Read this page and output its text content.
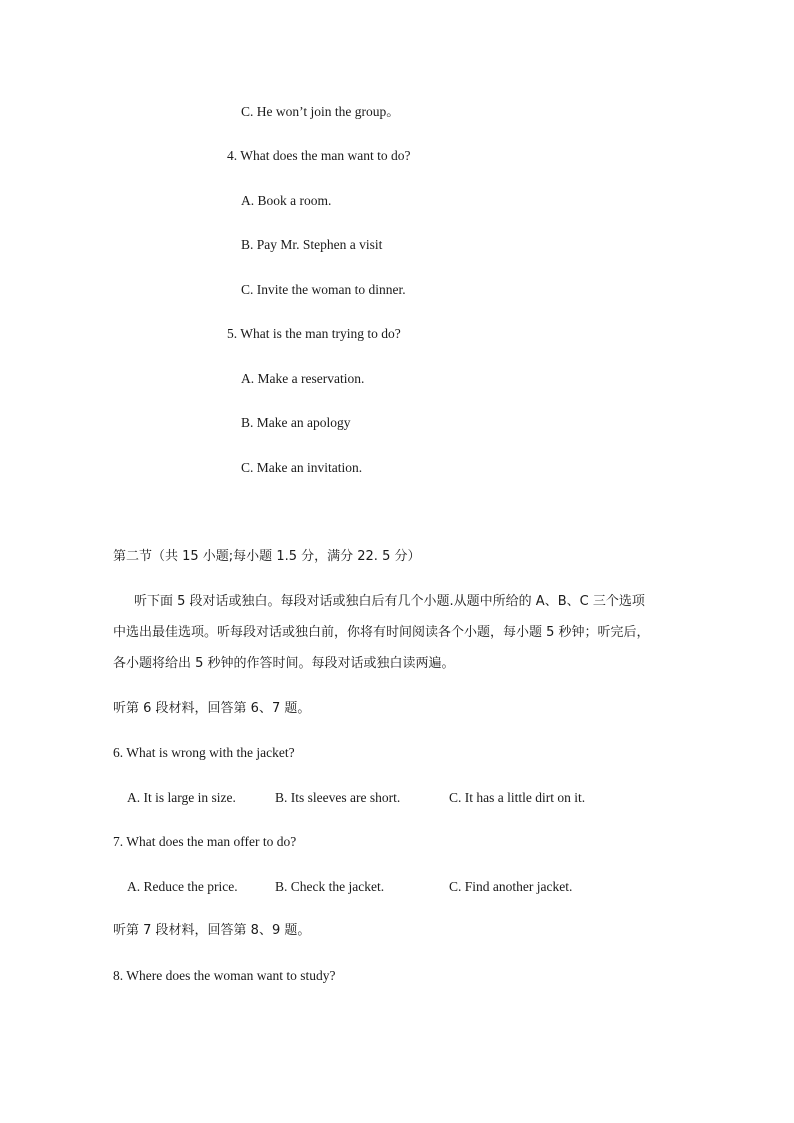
C. He won’t join the group。
4. What does the man want to do?
A. Book a room.
B. Pay Mr. Stephen a visit
C. Invite the woman to dinner.
5. What is the man trying to do?
A. Make a reservation.
B. Make an apology
C. Make an invitation.
第二节（共 15 小题;每小题 1.5 分，满分 22. 5 分）
听下面 5 段对话或独白。每段对话或独白后有几个小题.从题中所给的 A、B、C 三个选项
中选出最佳选项。听每段对话或独白前，你将有时间阅读各个小题，每小题 5 秒钟；听完后，
各小题将给出 5 秒钟的作答时间。每段对话或独白读两遍。
听第 6 段材料，回答第 6、7 题。
6. What is wrong with the jacket?
A. It is large in size.	B. Its sleeves are short.	C. It has a little dirt on it.
7. What does the man offer to do?
A. Reduce the price.	B. Check the jacket.	C. Find another jacket.
听第 7 段材料，回答第 8、9 题。
8. Where does the woman want to study?
